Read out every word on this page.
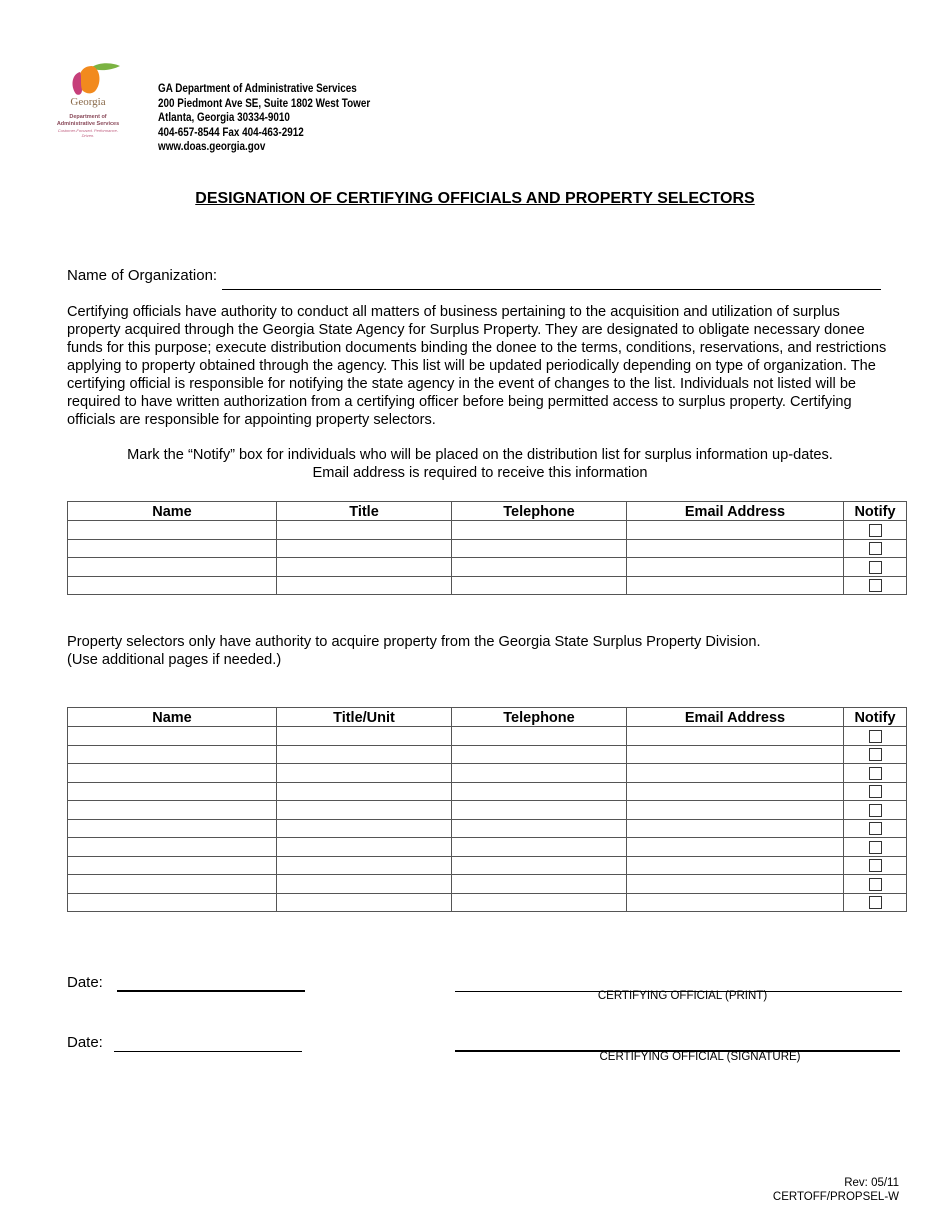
Georgia
Department of
Administrative Services
Customer-Focused. Performance-Driven.
GA Department of Administrative Services
200 Piedmont Ave SE, Suite 1802 West Tower
Atlanta, Georgia 30334-9010
404-657-8544 Fax 404-463-2912
www.doas.georgia.gov
DESIGNATION OF CERTIFYING OFFICIALS AND PROPERTY SELECTORS
Name of Organization:
Certifying officials have authority to conduct all matters of business pertaining to the acquisition and utilization of surplus property acquired through the Georgia State Agency for Surplus Property. They are designated to obligate necessary donee funds for this purpose; execute distribution documents binding the donee to the terms, conditions, reservations, and restrictions applying to property obtained through the agency. This list will be updated periodically depending on type of organization. The certifying official is responsible for notifying the state agency in the event of changes to the list. Individuals not listed will be required to have written authorization from a certifying officer before being permitted access to surplus property. Certifying officials are responsible for appointing property selectors.
Mark the “Notify” box for individuals who will be placed on the distribution list for surplus information up-dates.
Email address is required to receive this information
Name	Title	Telephone	Email Address	Notify

Property selectors only have authority to acquire property from the Georgia State Surplus Property Division.
(Use additional pages if needed.)
Name	Title/Unit	Telephone	Email Address	Notify

Date:
CERTIFYING OFFICIAL (PRINT)
Date:
CERTIFYING OFFICIAL (SIGNATURE)
Rev: 05/11
CERTOFF/PROPSEL-W
